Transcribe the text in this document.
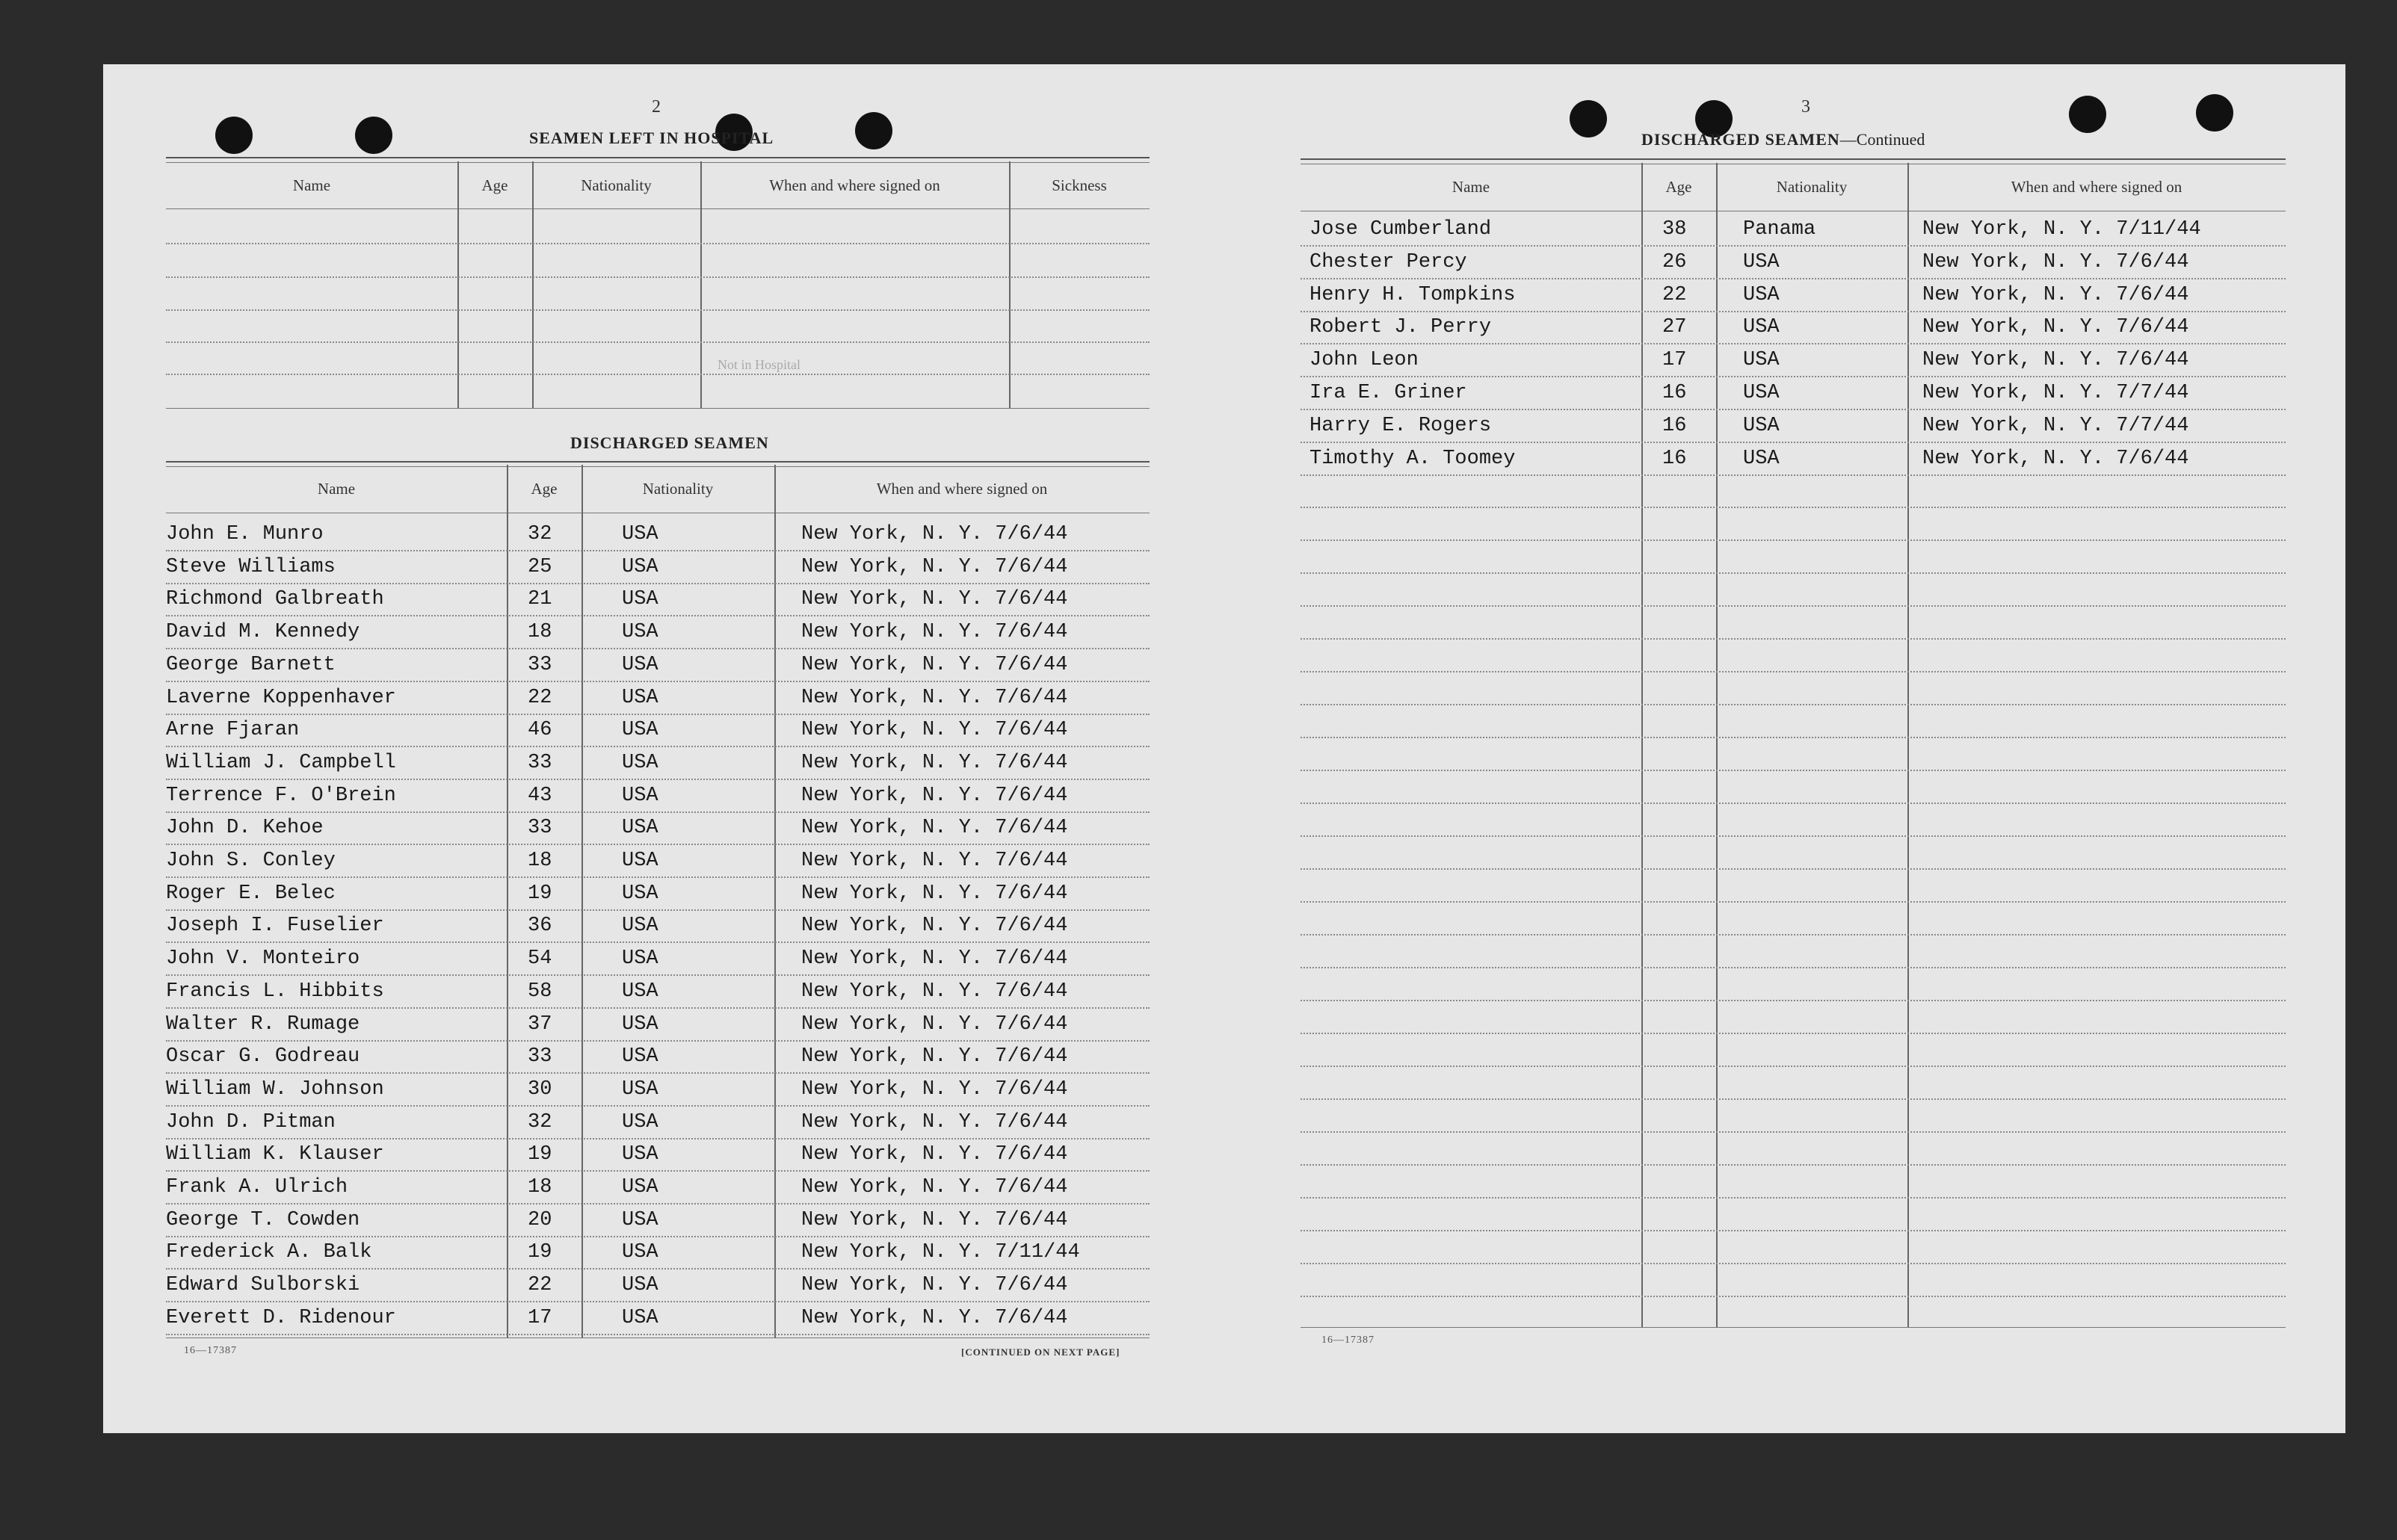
2
SEAMEN LEFT IN HOSPITAL
Name	Age	Nationality	When and where signed on	Sickness
Not in Hospital
DISCHARGED SEAMEN
Name	Age	Nationality	When and where signed on
John E. Munro	32	USA	New York, N. Y. 7/6/44
Steve Williams	25	USA	New York, N. Y. 7/6/44
Richmond Galbreath	21	USA	New York, N. Y. 7/6/44
David M. Kennedy	18	USA	New York, N. Y. 7/6/44
George Barnett	33	USA	New York, N. Y. 7/6/44
Laverne Koppenhaver	22	USA	New York, N. Y. 7/6/44
Arne Fjaran	46	USA	New York, N. Y. 7/6/44
William J. Campbell	33	USA	New York, N. Y. 7/6/44
Terrence F. O'Brein	43	USA	New York, N. Y. 7/6/44
John D. Kehoe	33	USA	New York, N. Y. 7/6/44
John S. Conley	18	USA	New York, N. Y. 7/6/44
Roger E. Belec	19	USA	New York, N. Y. 7/6/44
Joseph I. Fuselier	36	USA	New York, N. Y. 7/6/44
John V. Monteiro	54	USA	New York, N. Y. 7/6/44
Francis L. Hibbits	58	USA	New York, N. Y. 7/6/44
Walter R. Rumage	37	USA	New York, N. Y. 7/6/44
Oscar G. Godreau	33	USA	New York, N. Y. 7/6/44
William W. Johnson	30	USA	New York, N. Y. 7/6/44
John D. Pitman	32	USA	New York, N. Y. 7/6/44
William K. Klauser	19	USA	New York, N. Y. 7/6/44
Frank A. Ulrich	18	USA	New York, N. Y. 7/6/44
George T. Cowden	20	USA	New York, N. Y. 7/6/44
Frederick A. Balk	19	USA	New York, N. Y. 7/11/44
Edward Sulborski	22	USA	New York, N. Y. 7/6/44
Everett D. Ridenour	17	USA	New York, N. Y. 7/6/44
16—17387	[CONTINUED ON NEXT PAGE]
3
DISCHARGED SEAMEN—Continued
Name	Age	Nationality	When and where signed on
Jose Cumberland	38	Panama	New York, N. Y. 7/11/44
Chester Percy	26	USA	New York, N. Y. 7/6/44
Henry H. Tompkins	22	USA	New York, N. Y. 7/6/44
Robert J. Perry	27	USA	New York, N. Y. 7/6/44
John Leon	17	USA	New York, N. Y. 7/6/44
Ira E. Griner	16	USA	New York, N. Y. 7/7/44
Harry E. Rogers	16	USA	New York, N. Y. 7/7/44
Timothy A. Toomey	16	USA	New York, N. Y. 7/6/44
16—17387
